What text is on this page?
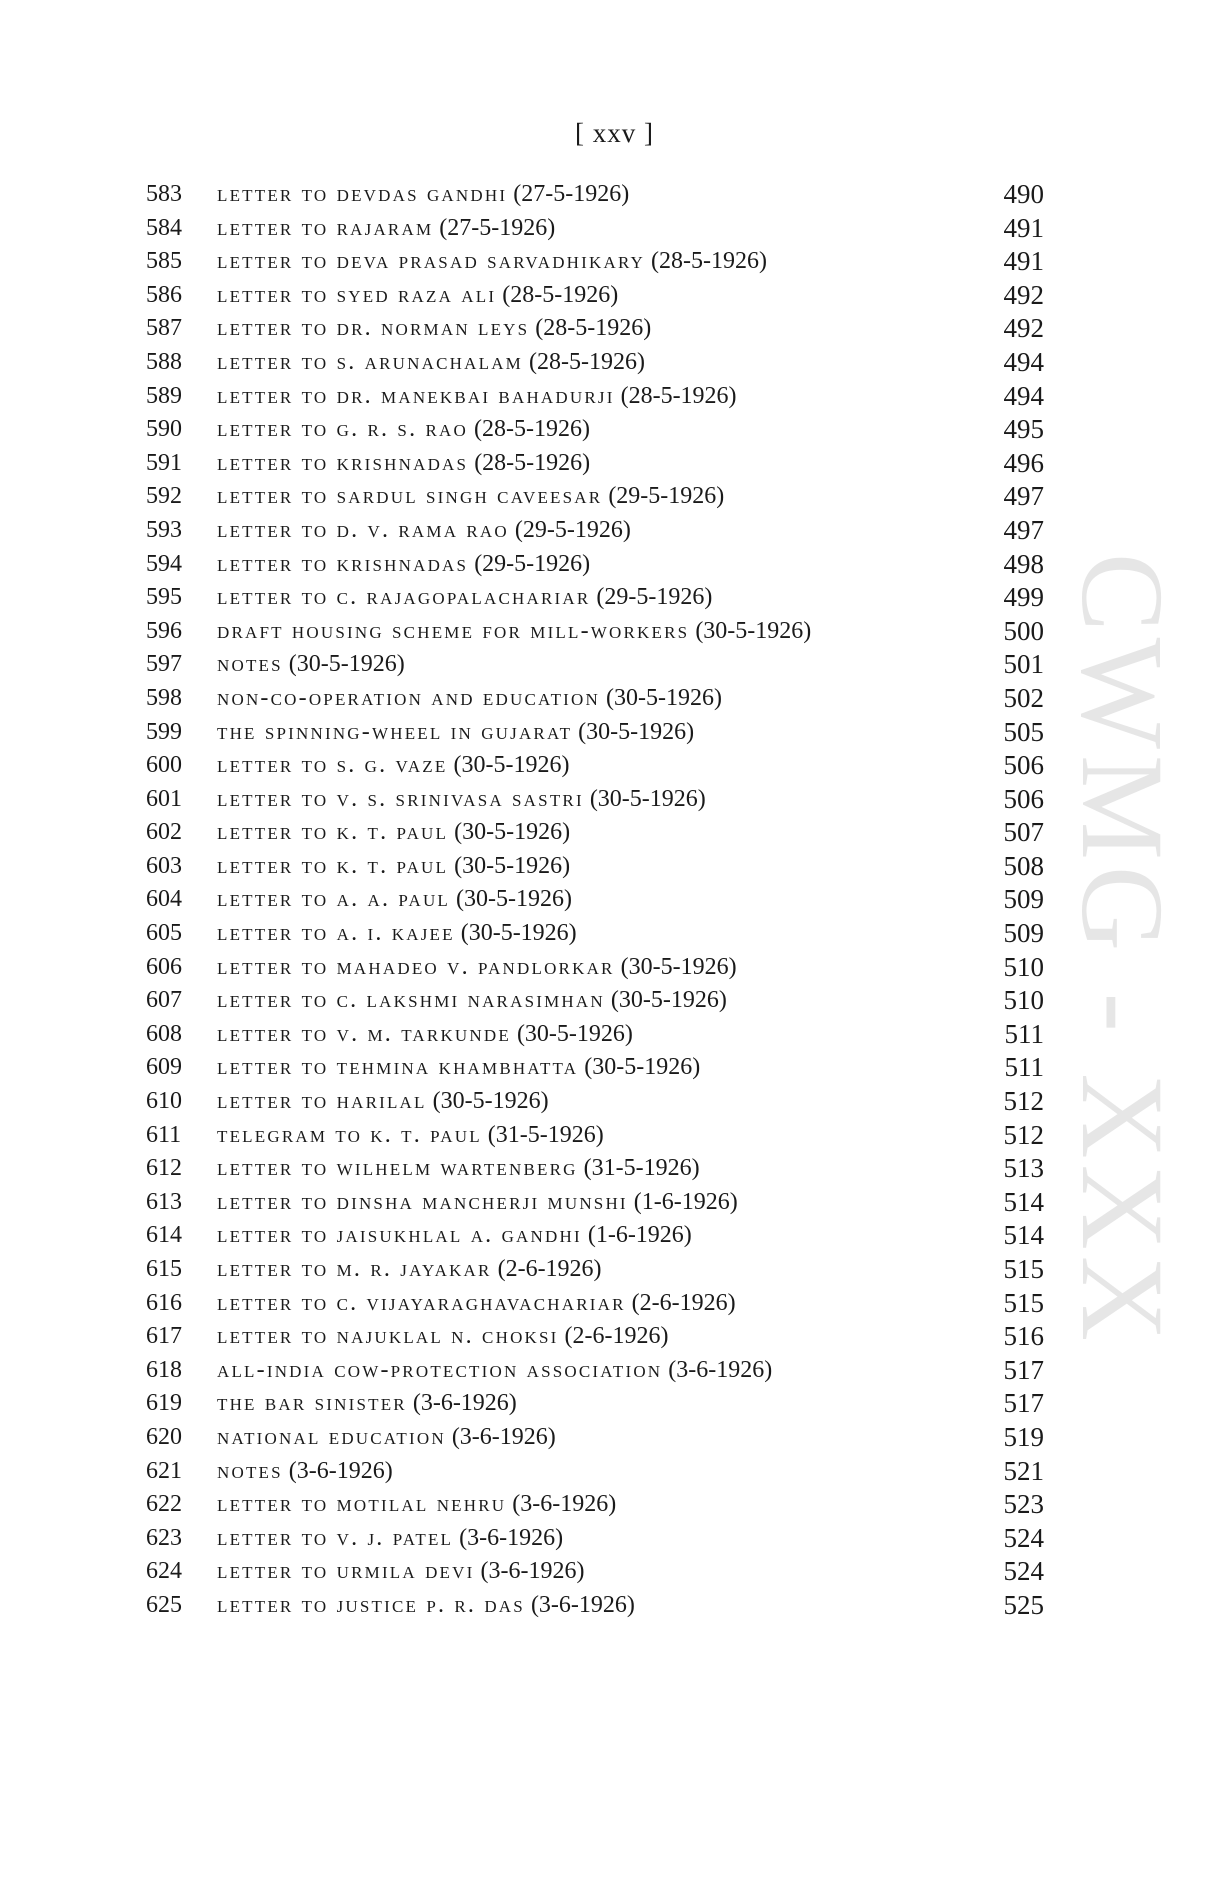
[ xxv ]
CWMG - XXX
583 letter to devdas gandhi (27-5-1926)	490
584 letter to rajaram (27-5-1926)	491
585 letter to deva prasad sarvadhikary (28-5-1926)	491
586 letter to syed raza ali (28-5-1926)	492
587 letter to dr. norman leys (28-5-1926)	492
588 letter to s. arunachalam (28-5-1926)	494
589 letter to dr. manekbai bahadurji (28-5-1926)	494
590 letter to g. r. s. rao (28-5-1926)	495
591 letter to krishnadas (28-5-1926)	496
592 letter to sardul singh caveesar (29-5-1926)	497
593 letter to d. v. rama rao (29-5-1926)	497
594 letter to krishnadas (29-5-1926)	498
595 letter to c. rajagopalachariar (29-5-1926)	499
596 draft housing scheme for mill-workers (30-5-1926)	500
597 notes (30-5-1926)	501
598 non-co-operation and education (30-5-1926)	502
599 the spinning-wheel in gujarat (30-5-1926)	505
600 letter to s. g. vaze (30-5-1926)	506
601 letter to v. s. srinivasa sastri (30-5-1926)	506
602 letter to k. t. paul (30-5-1926)	507
603 letter to k. t. paul (30-5-1926)	508
604 letter to a. a. paul (30-5-1926)	509
605 letter to a. i. kajee (30-5-1926)	509
606 letter to mahadeo v. pandlorkar (30-5-1926)	510
607 letter to c. lakshmi narasimhan (30-5-1926)	510
608 letter to v. m. tarkunde (30-5-1926)	511
609 letter to tehmina khambhatta (30-5-1926)	511
610 letter to harilal (30-5-1926)	512
611 telegram to k. t. paul (31-5-1926)	512
612 letter to wilhelm wartenberg (31-5-1926)	513
613 letter to dinsha mancherji munshi (1-6-1926)	514
614 letter to jaisukhlal a. gandhi (1-6-1926)	514
615 letter to m. r. jayakar (2-6-1926)	515
616 letter to c. vijayaraghavachariar (2-6-1926)	515
617 letter to najuklal n. choksi (2-6-1926)	516
618 all-india cow-protection association (3-6-1926)	517
619 the bar sinister (3-6-1926)	517
620 national education (3-6-1926)	519
621 notes (3-6-1926)	521
622 letter to motilal nehru (3-6-1926)	523
623 letter to v. j. patel (3-6-1926)	524
624 letter to urmila devi (3-6-1926)	524
625 letter to justice p. r. das (3-6-1926)	525
